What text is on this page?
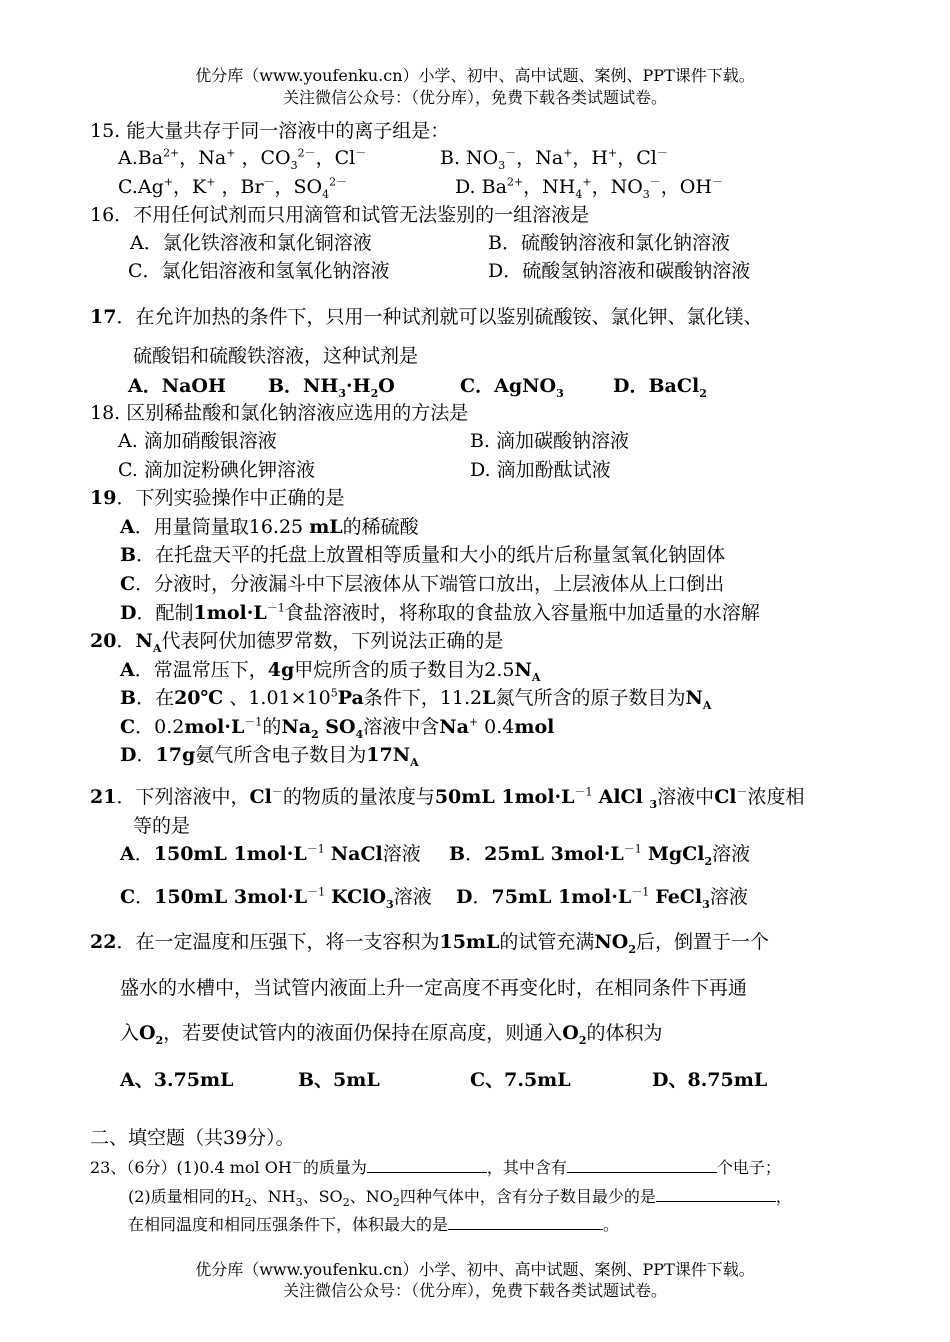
优分库（www.youfenku.cn）小学、初中、高中试题、案例、PPT课件下载。
关注微信公众号：（优分库），免费下载各类试题试卷。
15. 能大量共存于同一溶液中的离子组是：
$A.Ba^{2+}$，Na+ ，$CO_3^{2-}$，Cl－	B. $NO_3^-$，Na+，H+，Cl－
C.Ag+，K+ ，Br－，$SO_4^{2-}$	D. $Ba^{2+}$，$NH_4^+$，$NO_3^-$，OH－
16．不用任何试剂而只用滴管和试管无法鉴别的一组溶液是
A．氯化铁溶液和氯化铜溶液	B．硫酸钠溶液和氯化钠溶液
C．氯化铝溶液和氢氧化钠溶液	D．硫酸氢钠溶液和碳酸钠溶液
17．在允许加热的条件下，只用一种试剂就可以鉴别硫酸铵、氯化钾、氯化镁、
硫酸铝和硫酸铁溶液，这种试剂是
A．NaOH B．$NH_3\cdot H_2O$	C．AgNO$_3$	D．BaCl$_2$
18. 区别稀盐酸和氯化钠溶液应选用的方法是
A. 滴加硝酸银溶液	B. 滴加碳酸钠溶液
C. 滴加淀粉碘化钾溶液	D. 滴加酚酞试液
19．下列实验操作中正确的是
A．用量筒量取16.25 mL的稀硫酸
B．在托盘天平的托盘上放置相等质量和大小的纸片后称量氢氧化钠固体
C．分液时，分液漏斗中下层液体从下端管口放出，上层液体从上口倒出
D．配制$1mol\cdot L^{-1}$食盐溶液时，将称取的食盐放入容量瓶中加适量的水溶解
20．$N_A$代表阿伏加德罗常数，下列说法正确的是
A．常温常压下，4g甲烷所含的质子数目为$2.5N_A$
B．在20℃ 、$1.01\times 10^5Pa$条件下，11.2L氮气所含的原子数目为$N_A$
C．$0.2mol\cdot L^{-1}$的$Na_2$ $SO_4$溶液中含Na+ 0.4mol
D．17g氨气所含电子数目为$17N_A$
21．下列溶液中，Cl－的物质的量浓度与50mL $1mol\cdot L^{-1}$ AlCl $_3$溶液中Cl－浓度相
等的是
A．150mL $1mol\cdot L^{-1}$ NaCl溶液 B．25mL $3mol\cdot L^{-1}$ MgCl$_2$溶液
C．150mL $3mol\cdot L^{-1}$ KClO$_3$溶液 D．75mL $1mol\cdot L^{-1}$ FeCl$_3$溶液
22．在一定温度和压强下，将一支容积为15mL的试管充满$NO_2$后，倒置于一个
盛水的水槽中，当试管内液面上升一定高度不再变化时，在相同条件下再通
入$O_2$，若要使试管内的液面仍保持在原高度，则通入$O_2$的体积为
A、3.75mL	B、5mL	C、7.5mL	D、8.75mL
二、填空题（共39分）。
23、（6分）(1)0.4 mol OH－的质量为	，其中含有	个电子；
(2)质量相同的$H_2$、$NH_3$、$SO_2$、$NO_2$四种气体中，含有分子数目最少的是	，
在相同温度和相同压强条件下，体积最大的是	。
优分库（www.youfenku.cn）小学、初中、高中试题、案例、PPT课件下载。
关注微信公众号：（优分库），免费下载各类试题试卷。
